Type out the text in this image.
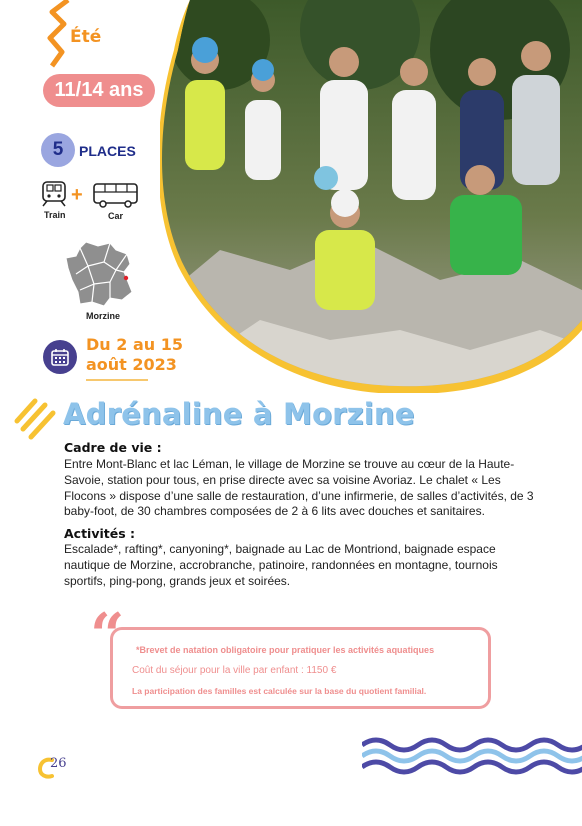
Été
11/14 ans
5	PLACES
Train
+
Car
Morzine
Du 2 au 15
août 2023
Adrénaline à Morzine
Cadre de vie :
Entre Mont-Blanc et lac Léman, le village de Morzine se trouve au cœur de la Haute-Savoie, station pour tous, en prise directe avec sa voisine Avoriaz. Le chalet « Les Flocons » dispose d’une salle de restauration, d’une infirmerie, de salles d’activités, de 3 baby-foot, de 30 chambres composées de 2 à 6 lits avec douches et sanitaires.
Activités :
Escalade*, rafting*, canyoning*, baignade au Lac de Montriond, baignade espace nautique de Morzine, accrobranche, patinoire, randonnées en montagne, tournois sportifs, ping-pong, grands jeux et soirées.
“ *Brevet de natation obligatoire pour pratiquer les activités aquatiques
Coût du séjour pour la ville par enfant : 1150 €
La participation des familles est calculée sur la base du quotient familial.
26
